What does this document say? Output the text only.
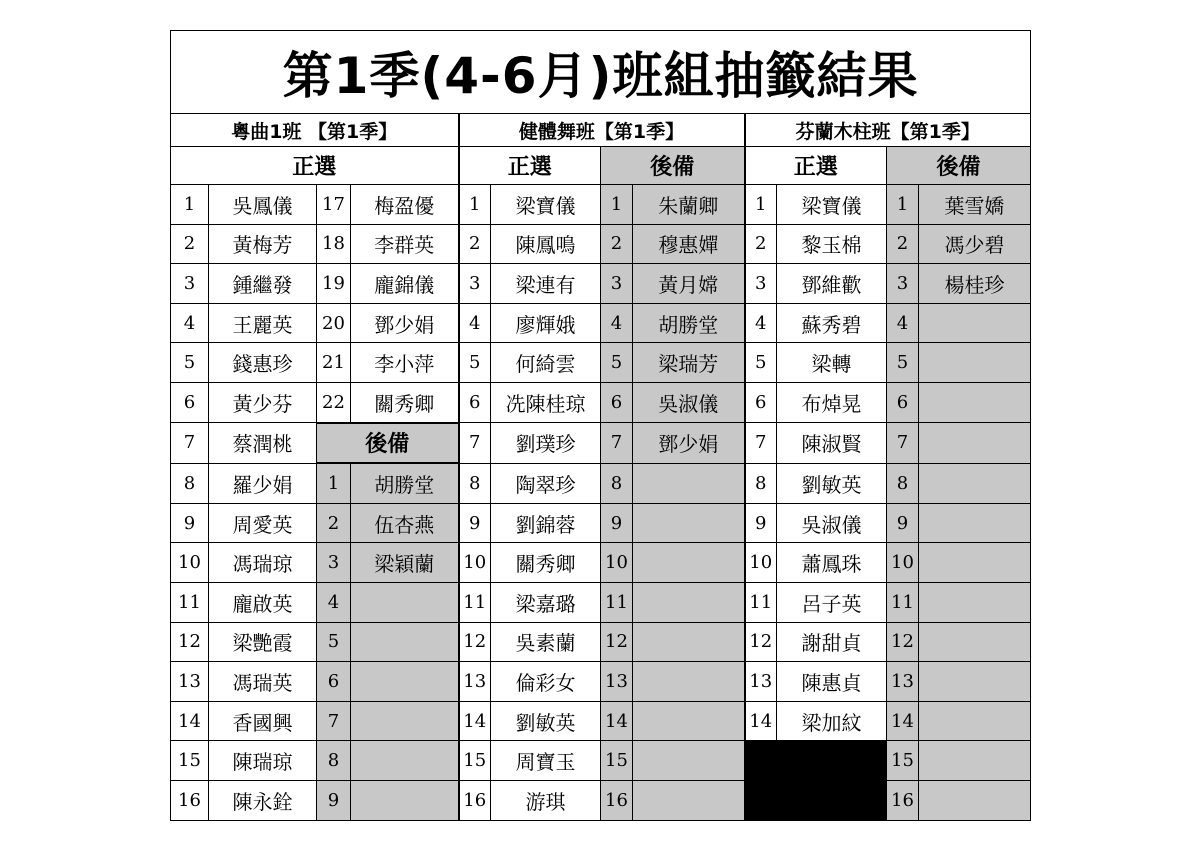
第1季(4-6月)班組抽籤結果											
粵曲1班 【第1季】				健體舞班【第1季】				芬蘭木柱班【第1季】			
正選				正選		後備		正選		後備	
1	吳鳳儀	17	梅盈優	1	梁寶儀	1	朱蘭卿	1	梁寶儀	1	葉雪嬌
2	黃梅芳	18	李群英	2	陳鳳鳴	2	穆惠嬋	2	黎玉棉	2	馮少碧
3	鍾繼發	19	龐錦儀	3	梁連有	3	黃月嫦	3	鄧維歡	3	楊桂珍
4	王麗英	20	鄧少娟	4	廖輝娥	4	胡勝堂	4	蘇秀碧	4	
5	錢惠珍	21	李小萍	5	何綺雲	5	梁瑞芳	5	梁轉	5	
6	黃少芬	22	關秀卿	6	冼陳桂琼	6	吳淑儀	6	布焯晃	6	
7	蔡潤桃	後備		7	劉璞珍	7	鄧少娟	7	陳淑賢	7	
8	羅少娟	1	胡勝堂	8	陶翠珍	8		8	劉敏英	8	
9	周愛英	2	伍杏燕	9	劉錦蓉	9		9	吳淑儀	9	
10	馮瑞琼	3	梁穎蘭	10	關秀卿	10		10	蕭鳳珠	10	
11	龐啟英	4		11	梁嘉璐	11		11	呂子英	11	
12	梁艷霞	5		12	吳素蘭	12		12	謝甜貞	12	
13	馮瑞英	6		13	倫彩女	13		13	陳惠貞	13	
14	香國興	7		14	劉敏英	14		14	梁加紋	14	
15	陳瑞琼	8		15	周寶玉	15				15	
16	陳永銓	9		16	游琪	16				16	
